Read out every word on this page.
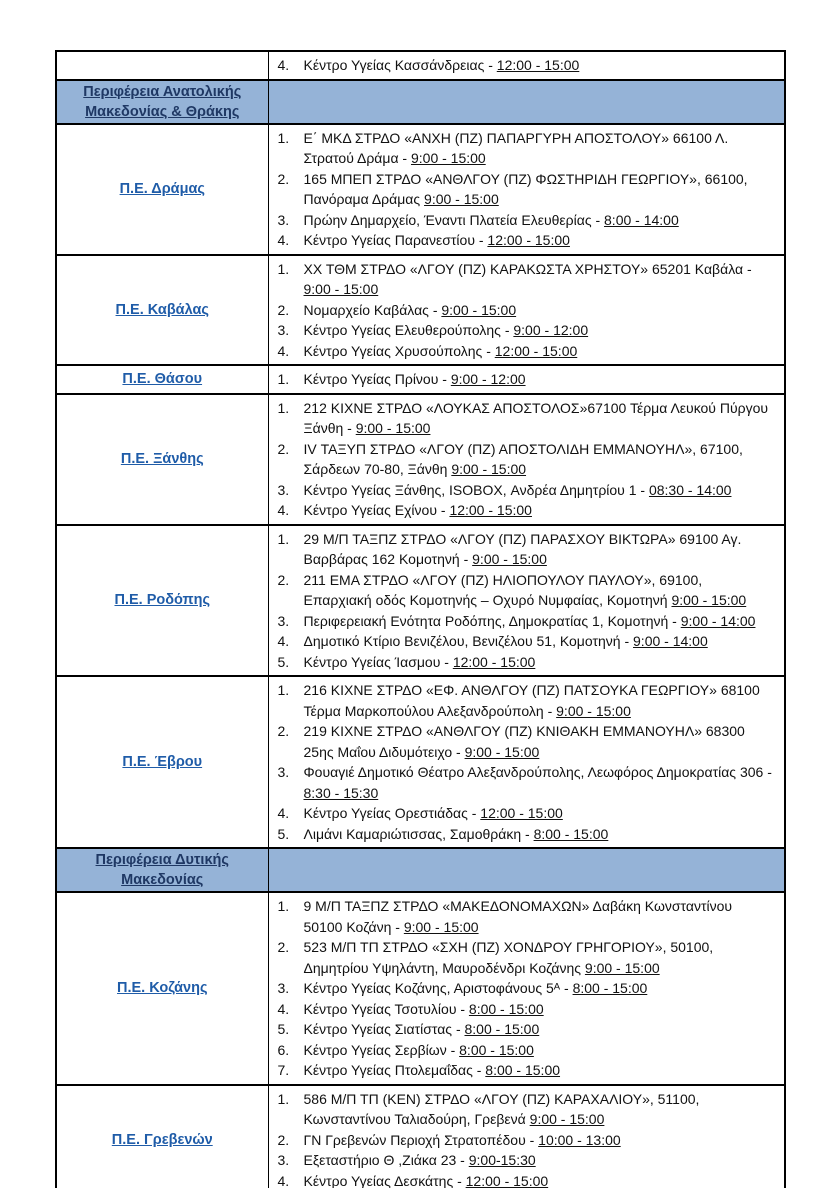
	4. Κέντρο Υγείας Κασσάνδρειας - 12:00 - 15:00

Περιφέρεια Ανατολικής Μακεδονίας & Θράκης	

Π.Ε. Δράμας	
1.	Ε΄ ΜΚΔ ΣΤΡΔΟ «ΑΝΧΗ (ΠΖ) ΠΑΠΑΡΓΥΡΗ ΑΠΟΣΤΟΛΟΥ» 66100 Λ. Στρατού Δράμα - 9:00 - 15:00
2.	165 ΜΠΕΠ ΣΤΡΔΟ «ΑΝΘΛΓΟΥ (ΠΖ) ΦΩΣΤΗΡΙΔΗ ΓΕΩΡΓΙΟΥ», 66100, Πανόραμα Δράμας 9:00 - 15:00
3.	Πρώην Δημαρχείο, Έναντι Πλατεία Ελευθερίας - 8:00 - 14:00
4.	Κέντρο Υγείας Παρανεστίου - 12:00 - 15:00

Π.Ε. Καβάλας	
1.	ΧΧ ΤΘΜ ΣΤΡΔΟ «ΛΓΟΥ (ΠΖ) ΚΑΡΑΚΩΣΤΑ ΧΡΗΣΤΟΥ» 65201 Καβάλα - 9:00 - 15:00
2.	Νομαρχείο Καβάλας - 9:00 - 15:00
3.	Κέντρο Υγείας Ελευθερούπολης - 9:00 - 12:00
4.	Κέντρο Υγείας Χρυσούπολης - 12:00 - 15:00

Π.Ε. Θάσου	1. Κέντρο Υγείας Πρίνου - 9:00 - 12:00

Π.Ε. Ξάνθης	
1.	212 ΚΙΧΝΕ ΣΤΡΔΟ «ΛΟΥΚΑΣ ΑΠΟΣΤΟΛΟΣ»67100 Τέρμα Λευκού Πύργου Ξάνθη - 9:00 - 15:00
2.	IV ΤΑΞΥΠ ΣΤΡΔΟ «ΛΓΟΥ (ΠΖ) ΑΠΟΣΤΟΛΙΔΗ ΕΜΜΑΝΟΥΗΛ», 67100, Σάρδεων 70-80, Ξάνθη 9:00 - 15:00
3.	Κέντρο Υγείας Ξάνθης, ISOBOX, Ανδρέα Δημητρίου 1 - 08:30 - 14:00
4.	Κέντρο Υγείας Εχίνου - 12:00 - 15:00

Π.Ε. Ροδόπης	
1.	29 Μ/Π ΤΑΞΠΖ ΣΤΡΔΟ «ΛΓΟΥ (ΠΖ) ΠΑΡΑΣΧΟΥ ΒΙΚΤΩΡΑ» 69100 Αγ. Βαρβάρας 162 Κομοτηνή - 9:00 - 15:00
2.	211 ΕΜΑ ΣΤΡΔΟ «ΛΓΟΥ (ΠΖ) ΗΛΙΟΠΟΥΛΟΥ ΠΑΥΛΟΥ», 69100, Επαρχιακή οδός Κομοτηνής – Οχυρό Νυμφαίας, Κομοτηνή 9:00 - 15:00
3.	Περιφερειακή Ενότητα Ροδόπης, Δημοκρατίας 1, Κομοτηνή - 9:00 - 14:00
4.	Δημοτικό Κτίριο Βενιζέλου, Βενιζέλου 51, Κομοτηνή - 9:00 - 14:00
5.	Κέντρο Υγείας Ίασμου - 12:00 - 15:00

Π.Ε. Έβρου	
1.	216 ΚΙΧΝΕ ΣΤΡΔΟ «ΕΦ. ΑΝΘΛΓΟΥ (ΠΖ) ΠΑΤΣΟΥΚΑ ΓΕΩΡΓΙΟΥ» 68100 Τέρμα Μαρκοπούλου Αλεξανδρούπολη - 9:00 - 15:00
2.	219 ΚΙΧΝΕ ΣΤΡΔΟ «ΑΝΘΛΓΟΥ (ΠΖ) ΚΝΙΘΑΚΗ ΕΜΜΑΝΟΥΗΛ» 68300 25ης Μαΐου Διδυμότειχο - 9:00 - 15:00
3.	Φουαγιέ Δημοτικό Θέατρο Αλεξανδρούπολης, Λεωφόρος Δημοκρατίας 306 - 8:30 - 15:30
4.	Κέντρο Υγείας Ορεστιάδας - 12:00 - 15:00
5.	Λιμάνι Καμαριώτισσας, Σαμοθράκη - 8:00 - 15:00

Περιφέρεια Δυτικής Μακεδονίας	

Π.Ε. Κοζάνης	
1.	9 Μ/Π ΤΑΞΠΖ ΣΤΡΔΟ «ΜΑΚΕΔΟΝΟΜΑΧΩΝ» Δαβάκη Κωνσταντίνου 50100 Κοζάνη - 9:00 - 15:00
2.	523 Μ/Π ΤΠ ΣΤΡΔΟ «ΣΧΗ (ΠΖ) ΧΟΝΔΡΟΥ ΓΡΗΓΟΡΙΟΥ», 50100, Δημητρίου Υψηλάντη, Μαυροδένδρι Κοζάνης 9:00 - 15:00
3.	Κέντρο Υγείας Κοζάνης, Αριστοφάνους 5ᴬ - 8:00 - 15:00
4.	Κέντρο Υγείας Τσοτυλίου - 8:00 - 15:00
5.	Κέντρο Υγείας Σιατίστας - 8:00 - 15:00
6.	Κέντρο Υγείας Σερβίων - 8:00 - 15:00
7.	Κέντρο Υγείας Πτολεμαΐδας - 8:00 - 15:00

Π.Ε. Γρεβενών	
1.	586 Μ/Π ΤΠ (ΚΕΝ) ΣΤΡΔΟ «ΛΓΟΥ (ΠΖ) ΚΑΡΑΧΑΛΙΟΥ», 51100, Κωνσταντίνου Ταλιαδούρη, Γρεβενά 9:00 - 15:00
2.	ΓΝ Γρεβενών Περιοχή Στρατοπέδου - 10:00 - 13:00
3.	Εξεταστήριο Θ ,Ζιάκα 23 - 9:00-15:30
4.	Κέντρο Υγείας Δεσκάτης - 12:00 - 15:00
